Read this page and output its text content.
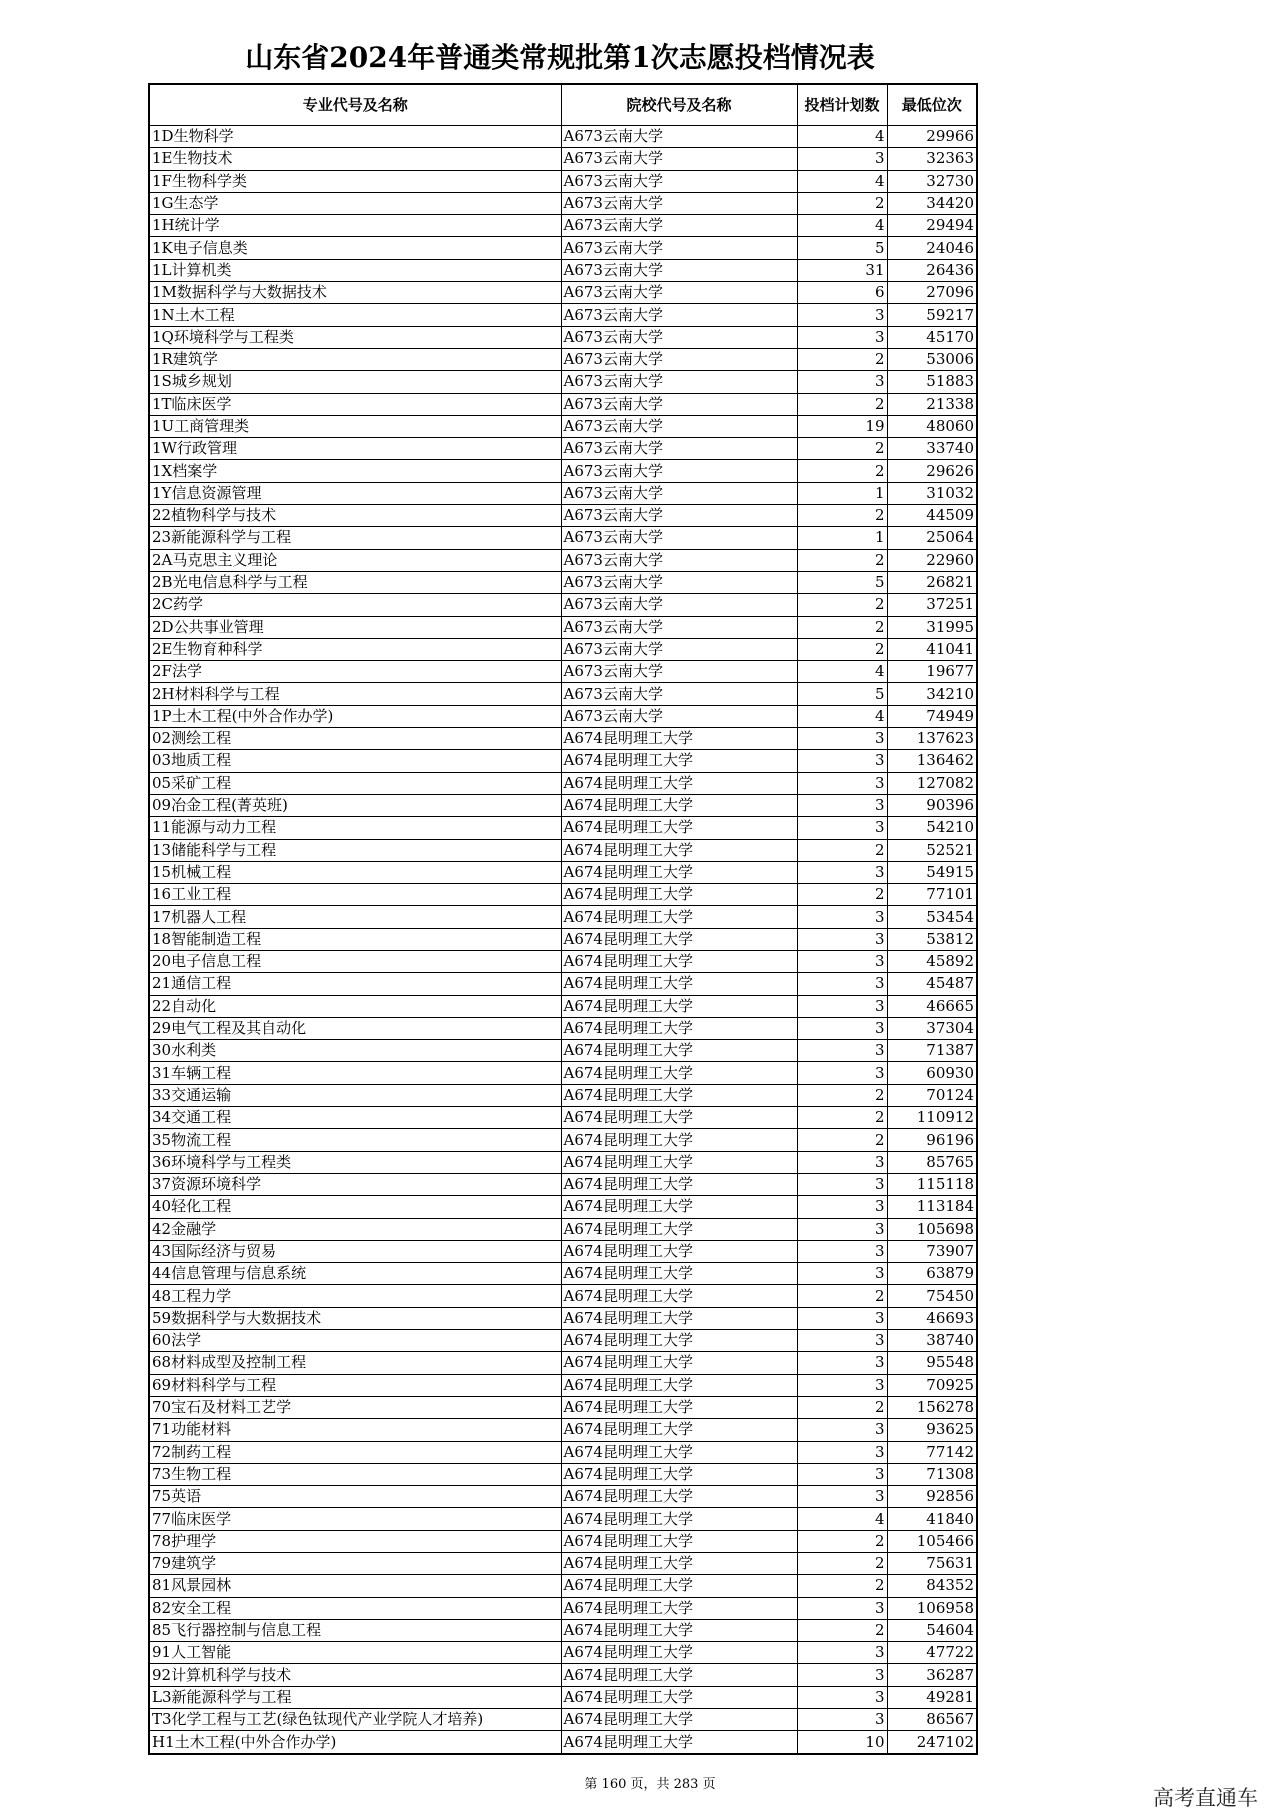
山东省2024年普通类常规批第1次志愿投档情况表
专业代号及名称	院校代号及名称	投档计划数	最低位次
1D生物科学	A673云南大学	4	29966
1E生物技术	A673云南大学	3	32363
1F生物科学类	A673云南大学	4	32730
1G生态学	A673云南大学	2	34420
1H统计学	A673云南大学	4	29494
1K电子信息类	A673云南大学	5	24046
1L计算机类	A673云南大学	31	26436
1M数据科学与大数据技术	A673云南大学	6	27096
1N土木工程	A673云南大学	3	59217
1Q环境科学与工程类	A673云南大学	3	45170
1R建筑学	A673云南大学	2	53006
1S城乡规划	A673云南大学	3	51883
1T临床医学	A673云南大学	2	21338
1U工商管理类	A673云南大学	19	48060
1W行政管理	A673云南大学	2	33740
1X档案学	A673云南大学	2	29626
1Y信息资源管理	A673云南大学	1	31032
22植物科学与技术	A673云南大学	2	44509
23新能源科学与工程	A673云南大学	1	25064
2A马克思主义理论	A673云南大学	2	22960
2B光电信息科学与工程	A673云南大学	5	26821
2C药学	A673云南大学	2	37251
2D公共事业管理	A673云南大学	2	31995
2E生物育种科学	A673云南大学	2	41041
2F法学	A673云南大学	4	19677
2H材料科学与工程	A673云南大学	5	34210
1P土木工程(中外合作办学)	A673云南大学	4	74949
02测绘工程	A674昆明理工大学	3	137623
03地质工程	A674昆明理工大学	3	136462
05采矿工程	A674昆明理工大学	3	127082
09冶金工程(菁英班)	A674昆明理工大学	3	90396
11能源与动力工程	A674昆明理工大学	3	54210
13储能科学与工程	A674昆明理工大学	2	52521
15机械工程	A674昆明理工大学	3	54915
16工业工程	A674昆明理工大学	2	77101
17机器人工程	A674昆明理工大学	3	53454
18智能制造工程	A674昆明理工大学	3	53812
20电子信息工程	A674昆明理工大学	3	45892
21通信工程	A674昆明理工大学	3	45487
22自动化	A674昆明理工大学	3	46665
29电气工程及其自动化	A674昆明理工大学	3	37304
30水利类	A674昆明理工大学	3	71387
31车辆工程	A674昆明理工大学	3	60930
33交通运输	A674昆明理工大学	2	70124
34交通工程	A674昆明理工大学	2	110912
35物流工程	A674昆明理工大学	2	96196
36环境科学与工程类	A674昆明理工大学	3	85765
37资源环境科学	A674昆明理工大学	3	115118
40轻化工程	A674昆明理工大学	3	113184
42金融学	A674昆明理工大学	3	105698
43国际经济与贸易	A674昆明理工大学	3	73907
44信息管理与信息系统	A674昆明理工大学	3	63879
48工程力学	A674昆明理工大学	2	75450
59数据科学与大数据技术	A674昆明理工大学	3	46693
60法学	A674昆明理工大学	3	38740
68材料成型及控制工程	A674昆明理工大学	3	95548
69材料科学与工程	A674昆明理工大学	3	70925
70宝石及材料工艺学	A674昆明理工大学	2	156278
71功能材料	A674昆明理工大学	3	93625
72制药工程	A674昆明理工大学	3	77142
73生物工程	A674昆明理工大学	3	71308
75英语	A674昆明理工大学	3	92856
77临床医学	A674昆明理工大学	4	41840
78护理学	A674昆明理工大学	2	105466
79建筑学	A674昆明理工大学	2	75631
81风景园林	A674昆明理工大学	2	84352
82安全工程	A674昆明理工大学	3	106958
85飞行器控制与信息工程	A674昆明理工大学	2	54604
91人工智能	A674昆明理工大学	3	47722
92计算机科学与技术	A674昆明理工大学	3	36287
L3新能源科学与工程	A674昆明理工大学	3	49281
T3化学工程与工艺(绿色钛现代产业学院人才培养)	A674昆明理工大学	3	86567
H1土木工程(中外合作办学)	A674昆明理工大学	10	247102
第 160 页，共 283 页
高考直通车
